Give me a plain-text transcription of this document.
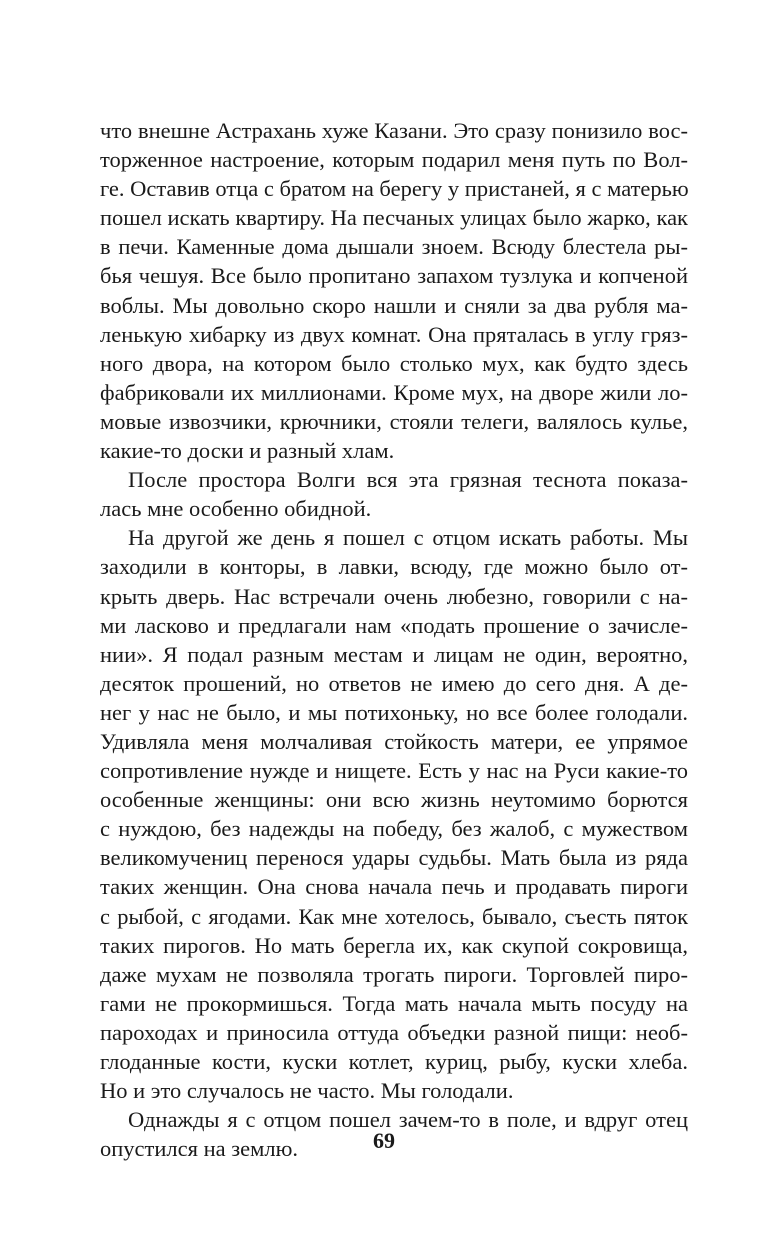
что внешне Астрахань хуже Казани. Это сразу понизило вос-
торженное настроение, которым подарил меня путь по Вол-
ге. Оставив отца с братом на берегу у пристаней, я с матерью
пошел искать квартиру. На песчаных улицах было жарко, как
в печи. Каменные дома дышали зноем. Всюду блестела ры-
бья чешуя. Все было пропитано запахом тузлука и копченой
воблы. Мы довольно скоро нашли и сняли за два рубля ма-
ленькую хибарку из двух комнат. Она пряталась в углу гряз-
ного двора, на котором было столько мух, как будто здесь
фабриковали их миллионами. Кроме мух, на дворе жили ло-
мовые извозчики, крючники, стояли телеги, валялось кулье,
какие-то доски и разный хлам.
После простора Волги вся эта грязная теснота показа-
лась мне особенно обидной.
На другой же день я пошел с отцом искать работы. Мы
заходили в конторы, в лавки, всюду, где можно было от-
крыть дверь. Нас встречали очень любезно, говорили с на-
ми ласково и предлагали нам «подать прошение о зачисле-
нии». Я подал разным местам и лицам не один, вероятно,
десяток прошений, но ответов не имею до сего дня. А де-
нег у нас не было, и мы потихоньку, но все более голодали.
Удивляла меня молчаливая стойкость матери, ее упрямое
сопротивление нужде и нищете. Есть у нас на Руси какие-то
особенные женщины: они всю жизнь неутомимо борются
с нуждою, без надежды на победу, без жалоб, с мужеством
великомучениц перенося удары судьбы. Мать была из ряда
таких женщин. Она снова начала печь и продавать пироги
с рыбой, с ягодами. Как мне хотелось, бывало, съесть пяток
таких пирогов. Но мать берегла их, как скупой сокровища,
даже мухам не позволяла трогать пироги. Торговлей пиро-
гами не прокормишься. Тогда мать начала мыть посуду на
пароходах и приносила оттуда объедки разной пищи: необ-
глоданные кости, куски котлет, куриц, рыбу, куски хлеба.
Но и это случалось не часто. Мы голодали.
Однажды я с отцом пошел зачем-то в поле, и вдруг отец
опустился на землю.	69
